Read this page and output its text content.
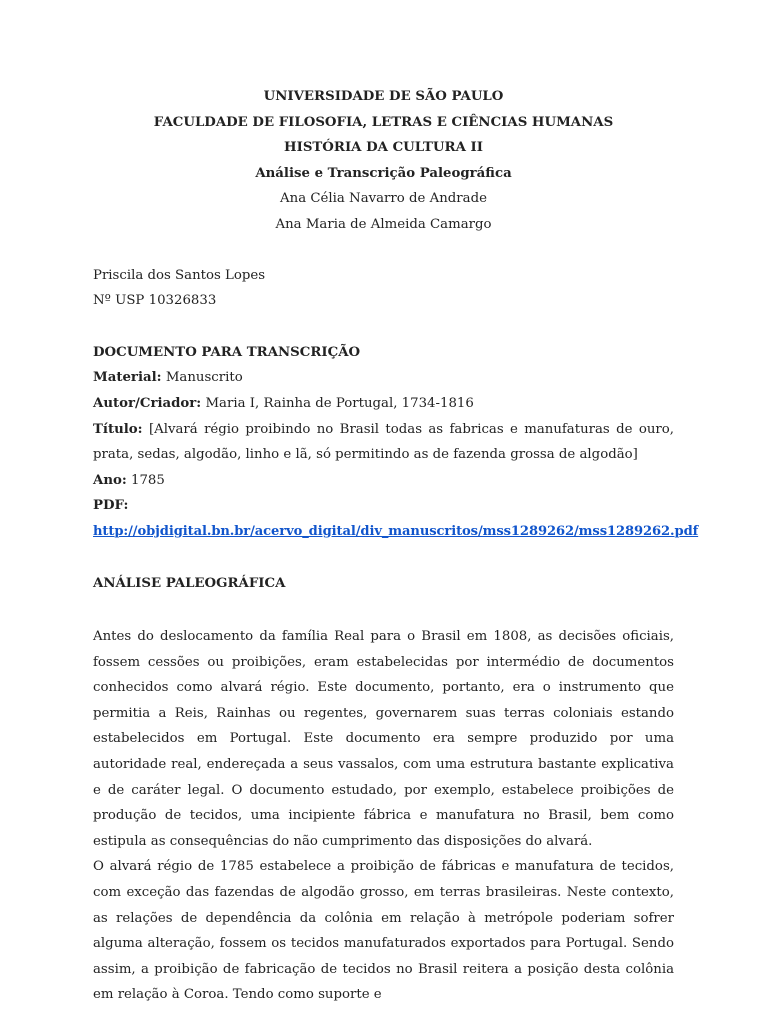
UNIVERSIDADE DE SÃO PAULO
FACULDADE DE FILOSOFIA, LETRAS E CIÊNCIAS HUMANAS
HISTÓRIA DA CULTURA II
Análise e Transcrição Paleográfica
Ana Célia Navarro de Andrade
Ana Maria de Almeida Camargo
Priscila dos Santos Lopes
Nº USP 10326833
DOCUMENTO PARA TRANSCRIÇÃO
Material: Manuscrito
Autor/Criador: Maria I, Rainha de Portugal, 1734-1816
Título: [Alvará régio proibindo no Brasil todas as fabricas e manufaturas de ouro, prata, sedas, algodão, linho e lã, só permitindo as de fazenda grossa de algodão]
Ano: 1785
PDF:
http://objdigital.bn.br/acervo_digital/div_manuscritos/mss1289262/mss1289262.pdf
ANÁLISE PALEOGRÁFICA

Antes do deslocamento da família Real para o Brasil em 1808, as decisões oficiais, fossem cessões ou proibições, eram estabelecidas por intermédio de documentos conhecidos como alvará régio. Este documento, portanto, era o instrumento que permitia a Reis, Rainhas ou regentes, governarem suas terras coloniais estando estabelecidos em Portugal. Este documento era sempre produzido por uma autoridade real, endereçada a seus vassalos, com uma estrutura bastante explicativa e de caráter legal. O documento estudado, por exemplo, estabelece proibições de produção de tecidos, uma incipiente fábrica e manufatura no Brasil, bem como estipula as consequências do não cumprimento das disposições do alvará.

O alvará régio de 1785 estabelece a proibição de fábricas e manufatura de tecidos, com exceção das fazendas de algodão grosso, em terras brasileiras. Neste contexto, as relações de dependência da colônia em relação à metrópole poderiam sofrer alguma alteração, fossem os tecidos manufaturados exportados para Portugal. Sendo assim, a proibição de fabricação de tecidos no Brasil reitera a posição desta colônia em relação à Coroa. Tendo como suporte e
